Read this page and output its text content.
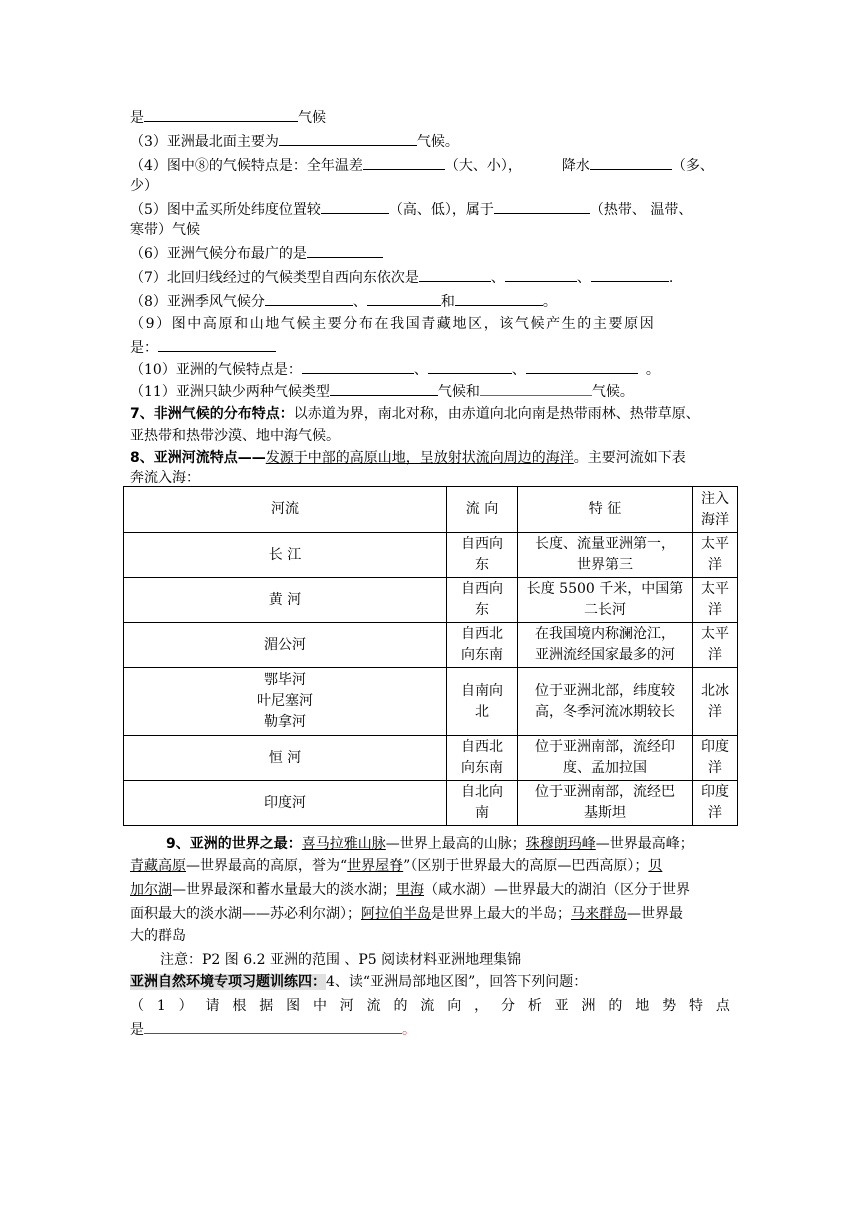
是	气候
（3）亚洲最北面主要为	气候。
（4）图中⑧的气候特点是：全年温差	（大、小），	降水	（多、
少）
（5）图中孟买所处纬度位置较	（高、低），属于	（热带、 温带、
寒带）气候
（6）亚洲气候分布最广的是
（7）北回归线经过的气候类型自西向东依次是	、	、	.
（8）亚洲季风气候分	、	和	。
（9）图中高原和山地气候主要分布在我国青藏地区，该气候产生的主要原因
是：
（10）亚洲的气候特点是：	、	、	。
（11）亚洲只缺少两种气候类型	气候和	气候。
7、非洲气候的分布特点：以赤道为界，南北对称，由赤道向北向南是热带雨林、热带草原、
亚热带和热带沙漠、地中海气候。
8、亚洲河流特点——发源于中部的高原山地，呈放射状流向周边的海洋。主要河流如下表
奔流入海：
河流	流 向	特 征	注入
海洋
长 江	自西向
东	长度、流量亚洲第一，
世界第三	太平
洋
黄 河	自西向
东	长度 5500 千米，中国第
二长河	太平
洋
湄公河	自西北
向东南	在我国境内称澜沧江，
亚洲流经国家最多的河	太平
洋
鄂毕河
叶尼塞河
勒拿河	自南向
北	位于亚洲北部，纬度较
高，冬季河流冰期较长	北冰
洋
恒 河	自西北
向东南	位于亚洲南部，流经印
度、孟加拉国	印度
洋
印度河	自北向
南	位于亚洲南部，流经巴
基斯坦	印度
洋
9、亚洲的世界之最：喜马拉雅山脉—世界上最高的山脉；珠穆朗玛峰—世界最高峰；
青藏高原—世界最高的高原，誉为“世界屋脊”（区别于世界最大的高原—巴西高原）；贝
加尔湖—世界最深和蓄水量最大的淡水湖；里海（咸水湖）—世界最大的湖泊（区分于世界
面积最大的淡水湖——苏必利尔湖）；阿拉伯半岛是世界上最大的半岛；马来群岛—世界最
大的群岛
注意：P2 图 6.2 亚洲的范围 、P5 阅读材料亚洲地理集锦
亚洲自然环境专项习题训练四：4、读“亚洲局部地区图”，回答下列问题：
（ 1 ） 请 根 据 图 中 河 流 的 流 向 ， 分 析 亚 洲 的 地 势 特 点
是	。
